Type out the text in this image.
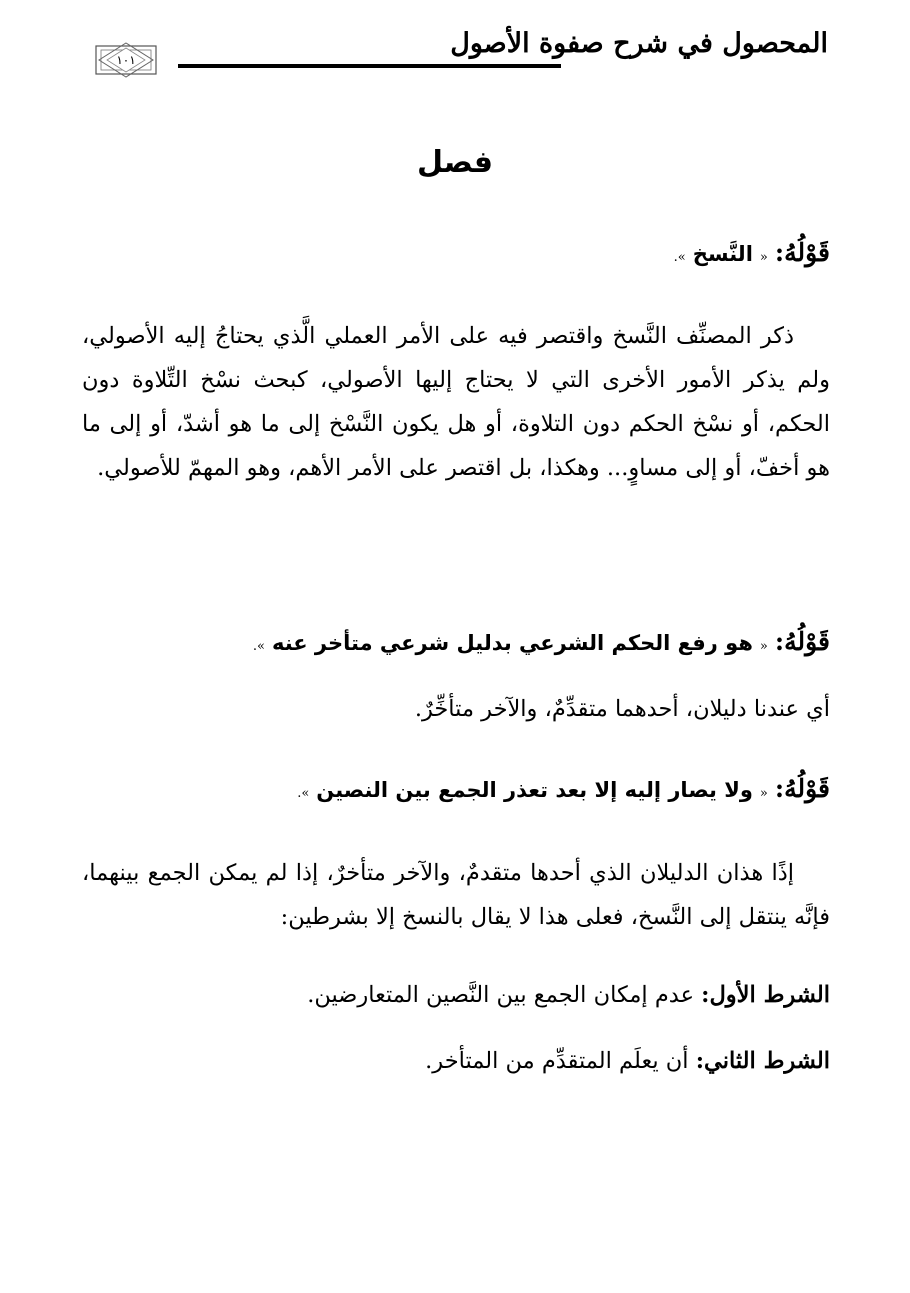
المحصول في شرح صفوة الأصول
١٠١
فصل
قَوْلُهُ: « النَّسخ ».
ذكر المصنِّف النَّسخ واقتصر فيه على الأمر العملي الَّذي يحتاجُ إليه الأصولي، ولم يذكر الأمور الأخرى التي لا يحتاج إليها الأصولي، كبحث نسْخ التِّلاوة دون الحكم، أو نسْخ الحكم دون التلاوة، أو هل يكون النَّسْخ إلى ما هو أشدّ، أو إلى ما هو أخفّ، أو إلى مساوٍ... وهكذا، بل اقتصر على الأمر الأهم، وهو المهمّ للأصولي.
قَوْلُهُ: « هو رفع الحكم الشرعي بدليل شرعي متأخر عنه ».
أي عندنا دليلان، أحدهما متقدِّمٌ، والآخر متأخِّرٌ.
قَوْلُهُ: « ولا يصار إليه إلا بعد تعذر الجمع بين النصين ».
إذًا هذان الدليلان الذي أحدها متقدمٌ، والآخر متأخرٌ، إذا لم يمكن الجمع بينهما، فإنَّه ينتقل إلى النَّسخ، فعلى هذا لا يقال بالنسخ إلا بشرطين:
الشرط الأول: عدم إمكان الجمع بين النَّصين المتعارضين.
الشرط الثاني: أن يعلَم المتقدِّم من المتأخر.
